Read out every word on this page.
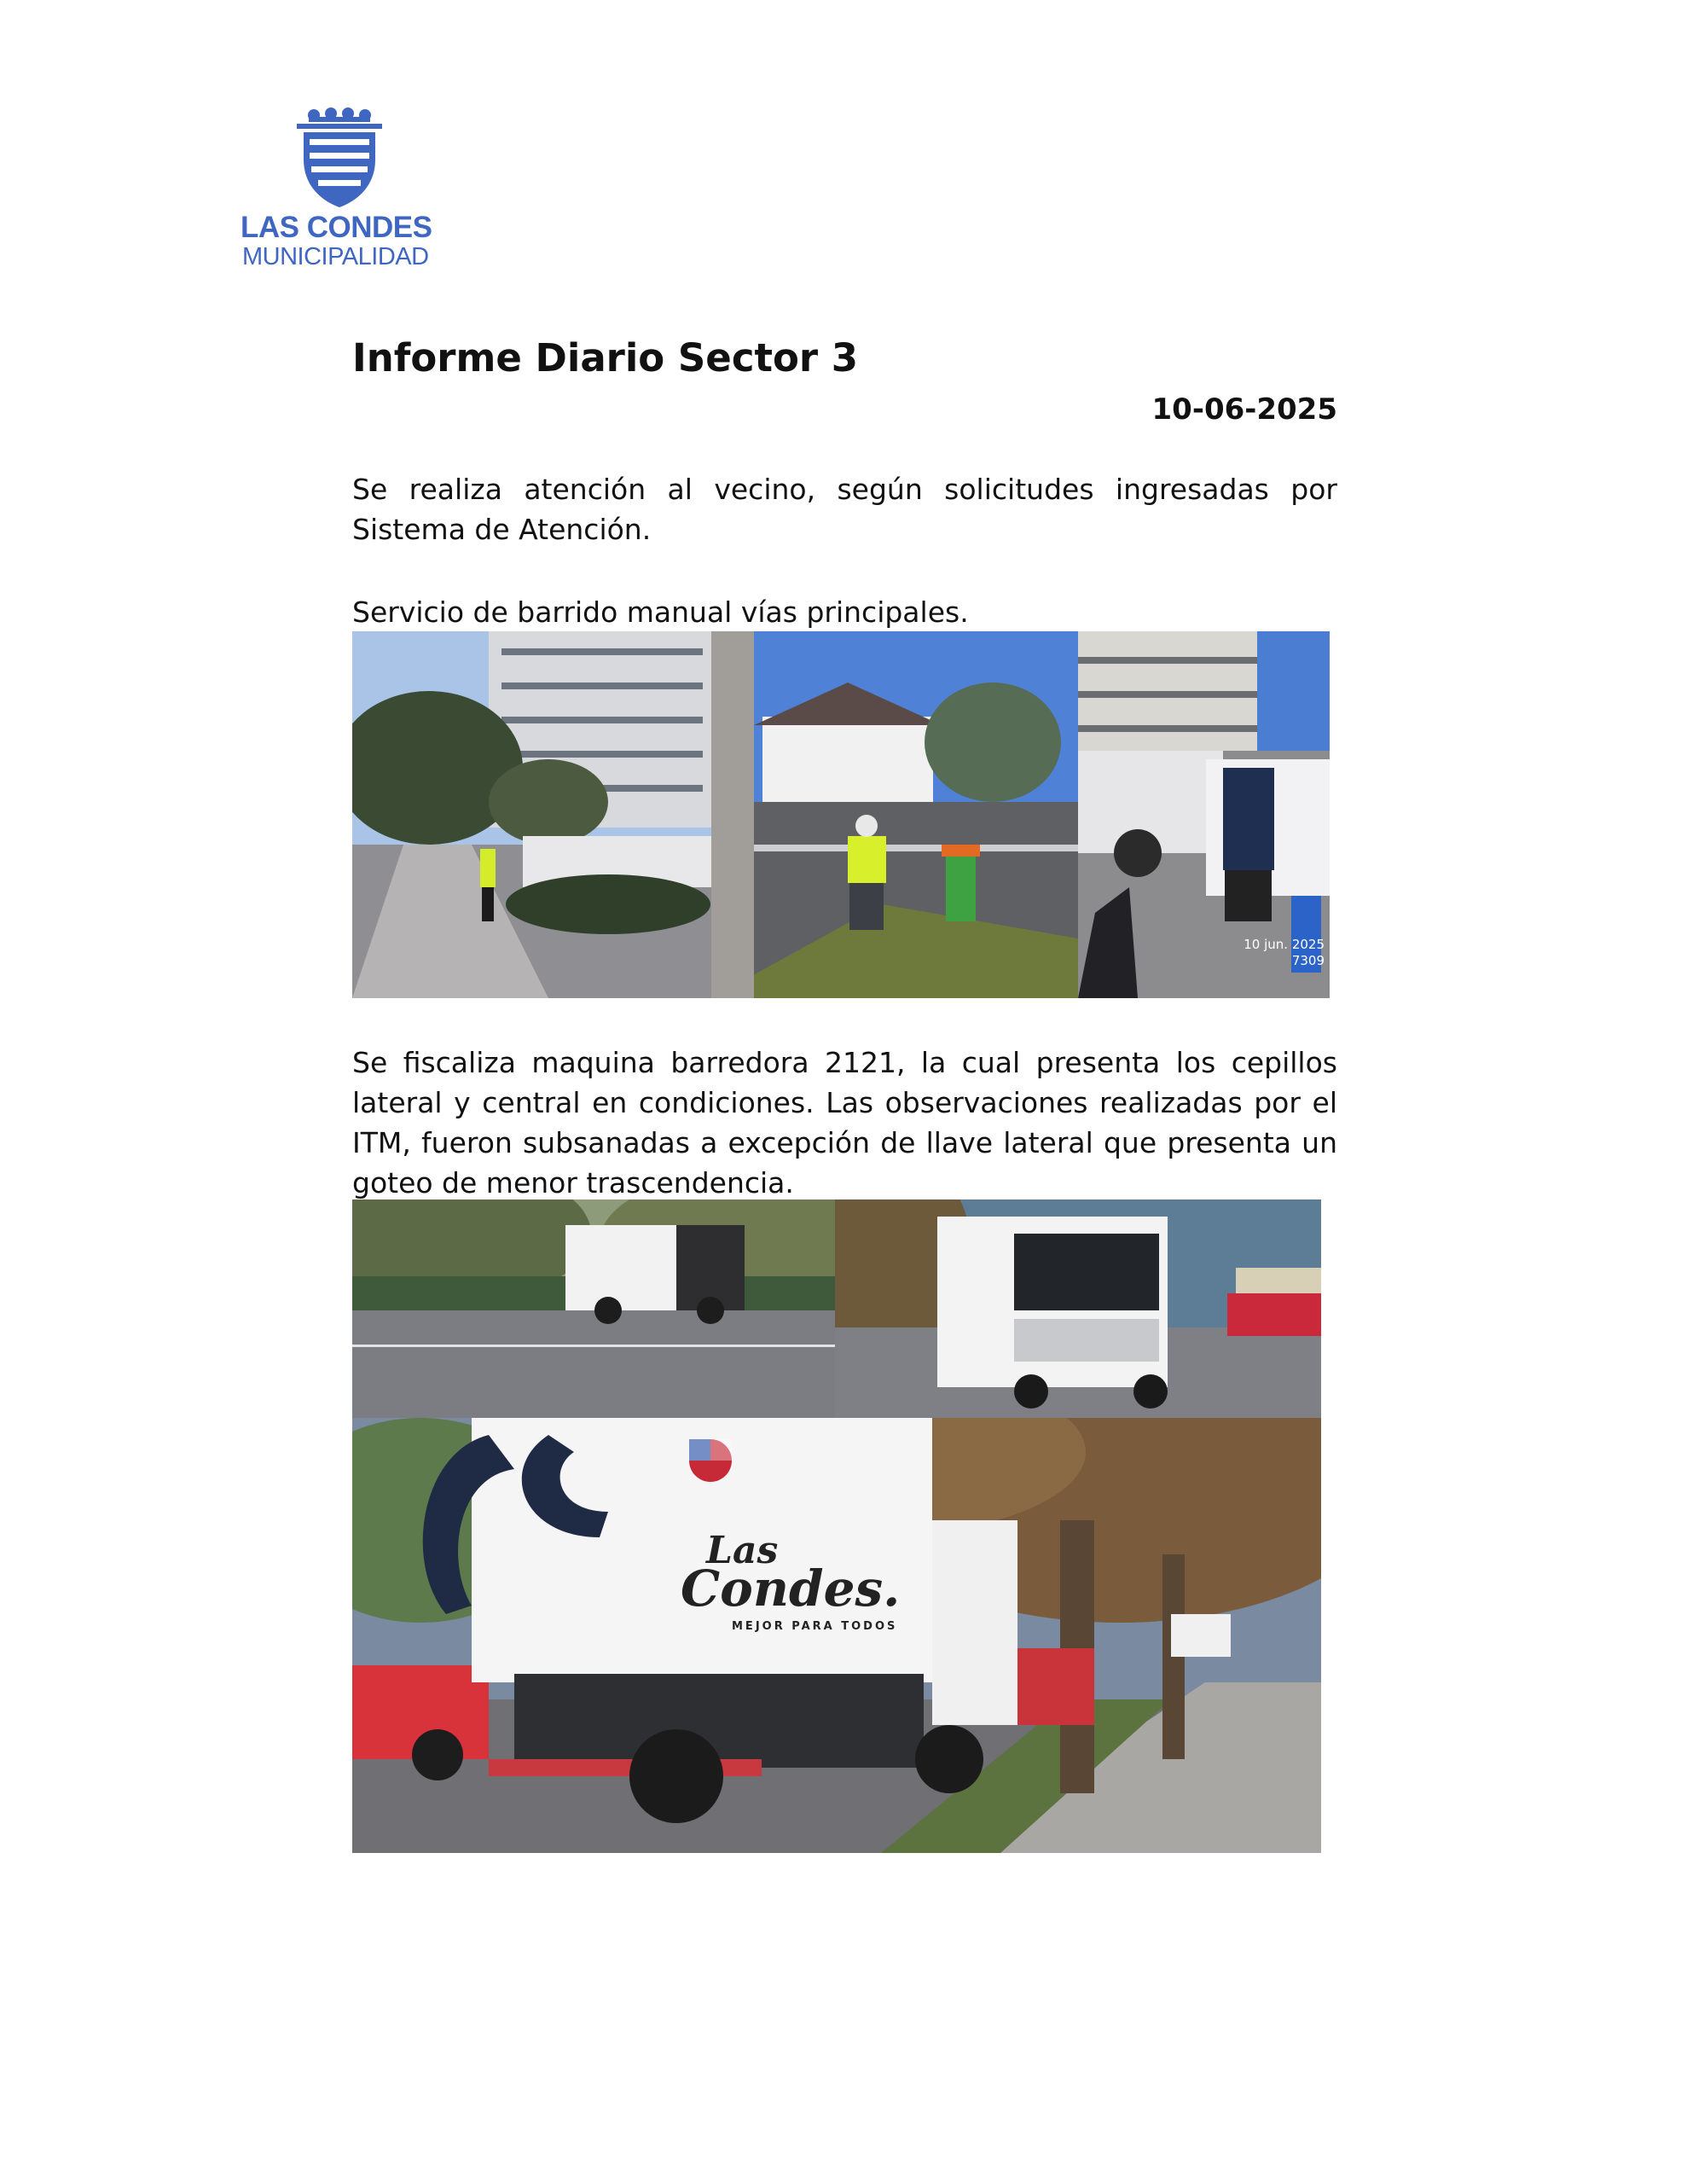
LAS CONDES
MUNICIPALIDAD
Informe Diario Sector 3
10-06-2025

Se realiza atención al vecino, según solicitudes ingresadas por Sistema de Atención.

Servicio de barrido manual vías principales.

10 jun. 2025
7309

Se fiscaliza maquina barredora 2121, la cual presenta los cepillos lateral y central en condiciones. Las observaciones realizadas por el ITM, fueron subsanadas a excepción de llave lateral que presenta un goteo de menor trascendencia.

Las
Condes.
MEJOR PARA TODOS
